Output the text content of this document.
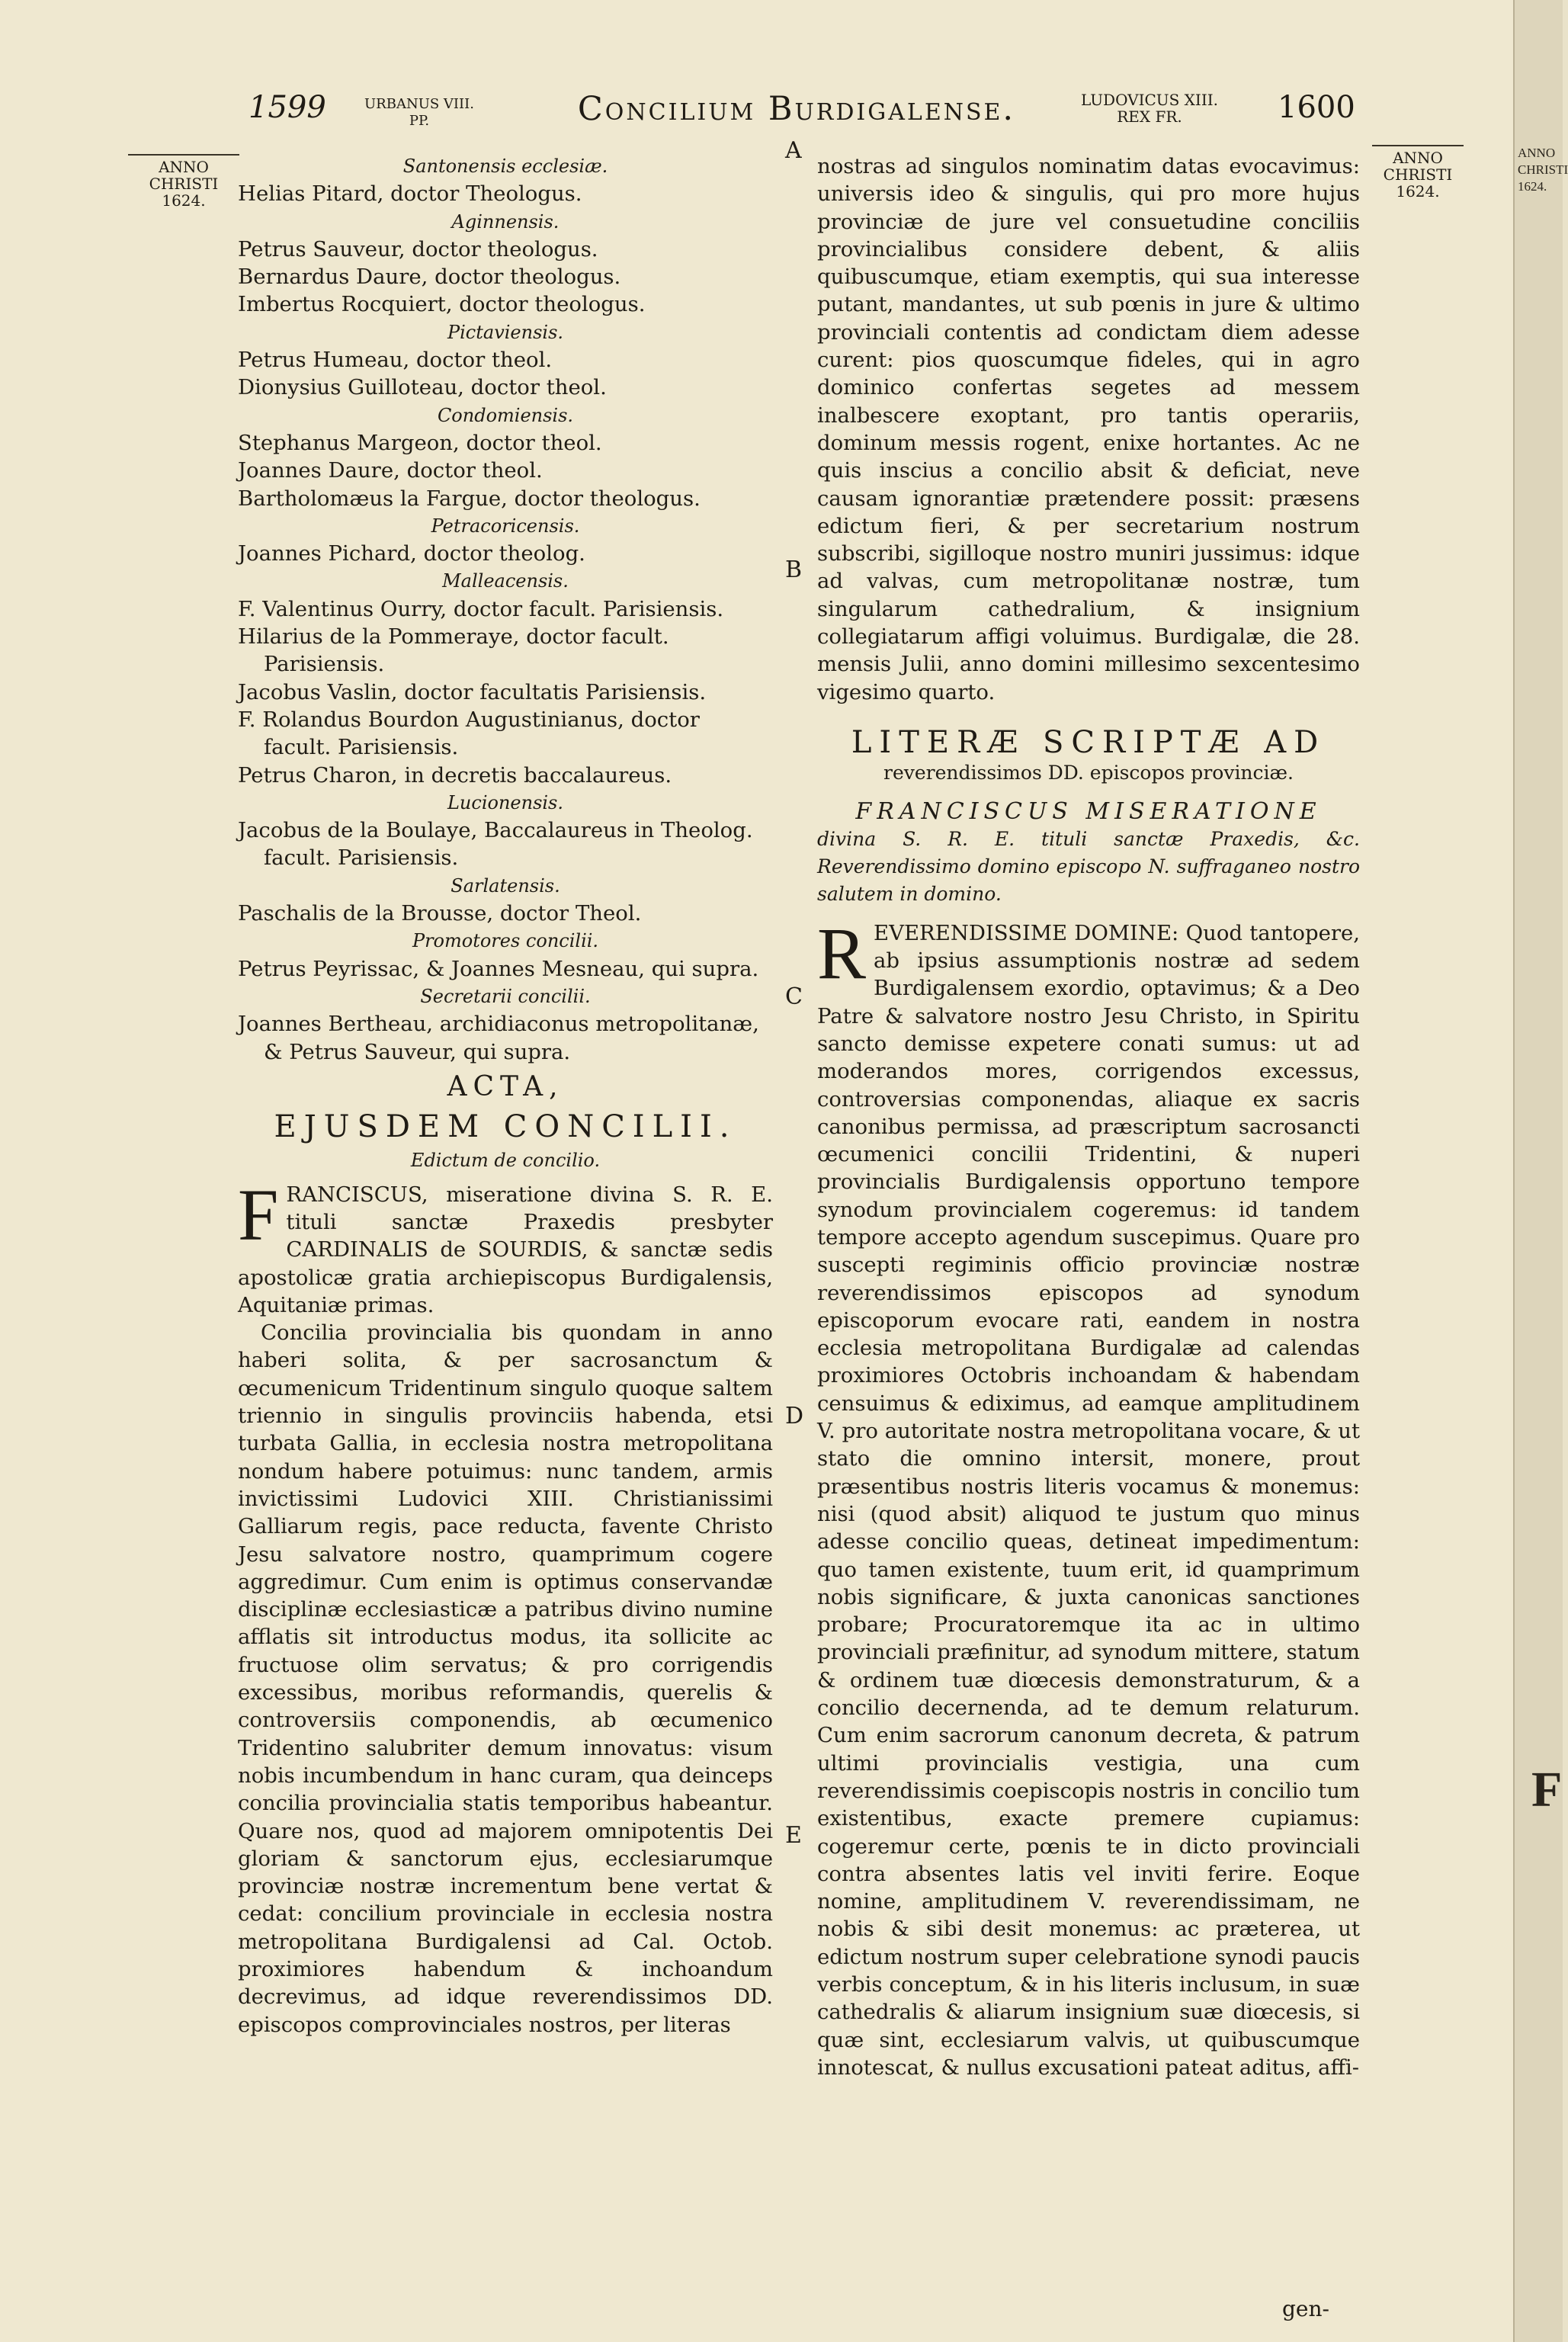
1599	URBANUS VIII.
PP.	Concilium Burdigalense.	LUDOVICUS XIII.
REX FR.	1600
ANNO
CHRISTI
1624.
ANNO
CHRISTI
1624.
A
B
C
D
E
Santonensis ecclesiæ.
Helias Pitard, doctor Theologus.
Aginnensis.
Petrus Sauveur, doctor theologus.
Bernardus Daure, doctor theologus.
Imbertus Rocquiert, doctor theologus.
Pictaviensis.
Petrus Humeau, doctor theol.
Dionysius Guilloteau, doctor theol.
Condomiensis.
Stephanus Margeon, doctor theol.
Joannes Daure, doctor theol.
Bartholomæus la Fargue, doctor theologus.
Petracoricensis.
Joannes Pichard, doctor theolog.
Malleacensis.
F. Valentinus Ourry, doctor facult. Parisiensis.
Hilarius de la Pommeraye, doctor facult. Parisiensis.
Jacobus Vaslin, doctor facultatis Parisiensis.
F. Rolandus Bourdon Augustinianus, doctor facult. Parisiensis.
Petrus Charon, in decretis baccalaureus.
Lucionensis.
Jacobus de la Boulaye, Baccalaureus in Theolog. facult. Parisiensis.
Sarlatensis.
Paschalis de la Brousse, doctor Theol.
Promotores concilii.
Petrus Peyrissac, & Joannes Mesneau, qui supra.
Secretarii concilii.
Joannes Bertheau, archidiaconus metropolitanæ, & Petrus Sauveur, qui supra.
ACTA,
EJUSDEM CONCILII.
Edictum de concilio.

F RANCISCUS, miseratione divina S. R. E. tituli sanctæ Praxedis presbyter CARDINALIS de SOURDIS, & sanctæ sedis apostolicæ gratia archiepiscopus Burdigalensis, Aquitaniæ primas.

Concilia provincialia bis quondam in anno haberi solita, & per sacrosanctum & œcumenicum Tridentinum singulo quoque saltem triennio in singulis provinciis habenda, etsi turbata Gallia, in ecclesia nostra metropolitana nondum habere potuimus: nunc tandem, armis invictissimi Ludovici XIII. Christianissimi Galliarum regis, pace reducta, favente Christo Jesu salvatore nostro, quamprimum cogere aggredimur. Cum enim is optimus conservandæ disciplinæ ecclesiasticæ a patribus divino numine afflatis sit introductus modus, ita sollicite ac fructuose olim servatus; & pro corrigendis excessibus, moribus reformandis, querelis & controversiis componendis, ab œcumenico Tridentino salubriter demum innovatus: visum nobis incumbendum in hanc curam, qua deinceps concilia provincialia statis temporibus habeantur. Quare nos, quod ad majorem omnipotentis Dei gloriam & sanctorum ejus, ecclesiarumque provinciæ nostræ incrementum bene vertat & cedat: concilium provinciale in ecclesia nostra metropolitana Burdigalensi ad Cal. Octob. proximiores habendum & inchoandum decrevimus, ad idque reverendissimos DD. episcopos comprovinciales nostros, per literas

nostras ad singulos nominatim datas evocavimus: universis ideo & singulis, qui pro more hujus provinciæ de jure vel consuetudine conciliis provincialibus considere debent, & aliis quibuscumque, etiam exemptis, qui sua interesse putant, mandantes, ut sub pœnis in jure & ultimo provinciali contentis ad condictam diem adesse curent: pios quoscumque fideles, qui in agro dominico confertas segetes ad messem inalbescere exoptant, pro tantis operariis, dominum messis rogent, enixe hortantes. Ac ne quis inscius a concilio absit & deficiat, neve causam ignorantiæ prætendere possit: præsens edictum fieri, & per secretarium nostrum subscribi, sigilloque nostro muniri jussimus: idque ad valvas, cum metropolitanæ nostræ, tum singularum cathedralium, & insignium collegiatarum affigi voluimus. Burdigalæ, die 28. mensis Julii, anno domini millesimo sexcentesimo vigesimo quarto.

LITERÆ SCRIPTÆ AD
reverendissimos DD. episcopos provinciæ.
FRANCISCUS MISERATIONE

divina S. R. E. tituli sanctæ Praxedis, &c. Reverendissimo domino episcopo N. suffraganeo nostro salutem in domino.

R EVERENDISSIME DOMINE: Quod tantopere, ab ipsius assumptionis nostræ ad sedem Burdigalensem exordio, optavimus; & a Deo Patre & salvatore nostro Jesu Christo, in Spiritu sancto demisse expetere conati sumus: ut ad moderandos mores, corrigendos excessus, controversias componendas, aliaque ex sacris canonibus permissa, ad præscriptum sacrosancti œcumenici concilii Tridentini, & nuperi provincialis Burdigalensis opportuno tempore synodum provincialem cogeremus: id tandem tempore accepto agendum suscepimus. Quare pro suscepti regiminis officio provinciæ nostræ reverendissimos episcopos ad synodum episcoporum evocare rati, eandem in nostra ecclesia metropolitana Burdigalæ ad calendas proximiores Octobris inchoandam & habendam censuimus & ediximus, ad eamque amplitudinem V. pro autoritate nostra metropolitana vocare, & ut stato die omnino intersit, monere, prout præsentibus nostris literis vocamus & monemus: nisi (quod absit) aliquod te justum quo minus adesse concilio queas, detineat impedimentum: quo tamen existente, tuum erit, id quamprimum nobis significare, & juxta canonicas sanctiones probare; Procuratoremque ita ac in ultimo provinciali præfinitur, ad synodum mittere, statum & ordinem tuæ diœcesis demonstraturum, & a concilio decernenda, ad te demum relaturum. Cum enim sacrorum canonum decreta, & patrum ultimi provincialis vestigia, una cum reverendissimis coepiscopis nostris in concilio tum existentibus, exacte premere cupiamus: cogeremur certe, pœnis te in dicto provinciali contra absentes latis vel inviti ferire. Eoque nomine, amplitudinem V. reverendissimam, ne nobis & sibi desit monemus: ac præterea, ut edictum nostrum super celebratione synodi paucis verbis conceptum, & in his literis inclusum, in suæ cathedralis & aliarum insignium suæ diœcesis, si quæ sint, ecclesiarum valvis, ut quibuscumque innotescat, & nullus excusationi pateat aditus, affi-

gen-
ANNO
CHRISTI
1624.
F
